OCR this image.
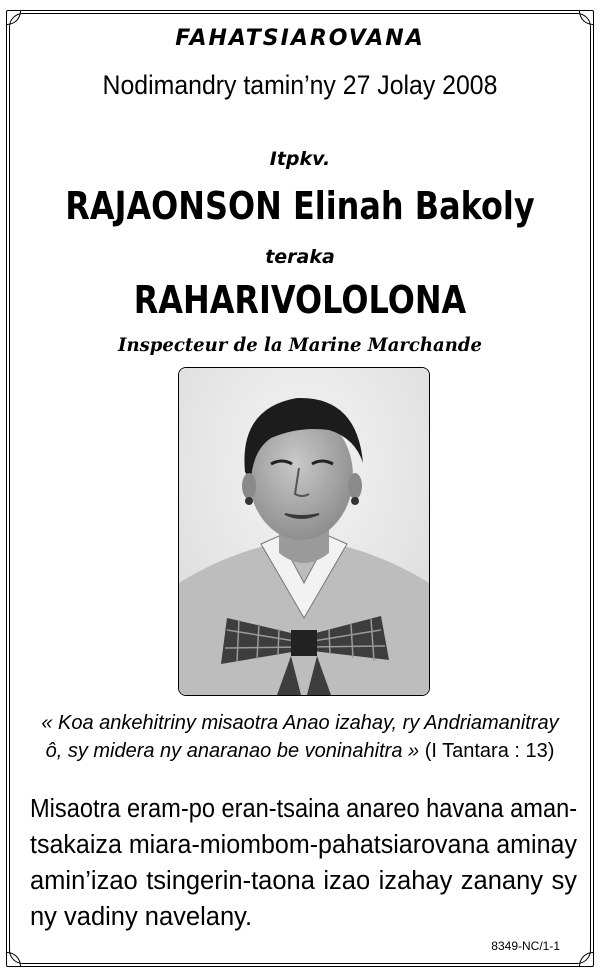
FAHATSIAROVANA
Nodimandry tamin’ny 27 Jolay 2008
Itpkv.
RAJAONSON Elinah Bakoly
teraka
RAHARIVOLOLONA
Inspecteur de la Marine Marchande
« Koa ankehitriny misaotra Anao izahay, ry Andriamanitray
ô, sy midera ny anaranao be voninahitra » (I Tantara : 13)
Misaotra eram-po eran-tsaina anareo havana aman-
tsakaiza miara-miombom-pahatsiarovana aminay
amin’izao tsingerin-taona izao izahay zanany sy
ny vadiny navelany.
8349-NC/1-1
